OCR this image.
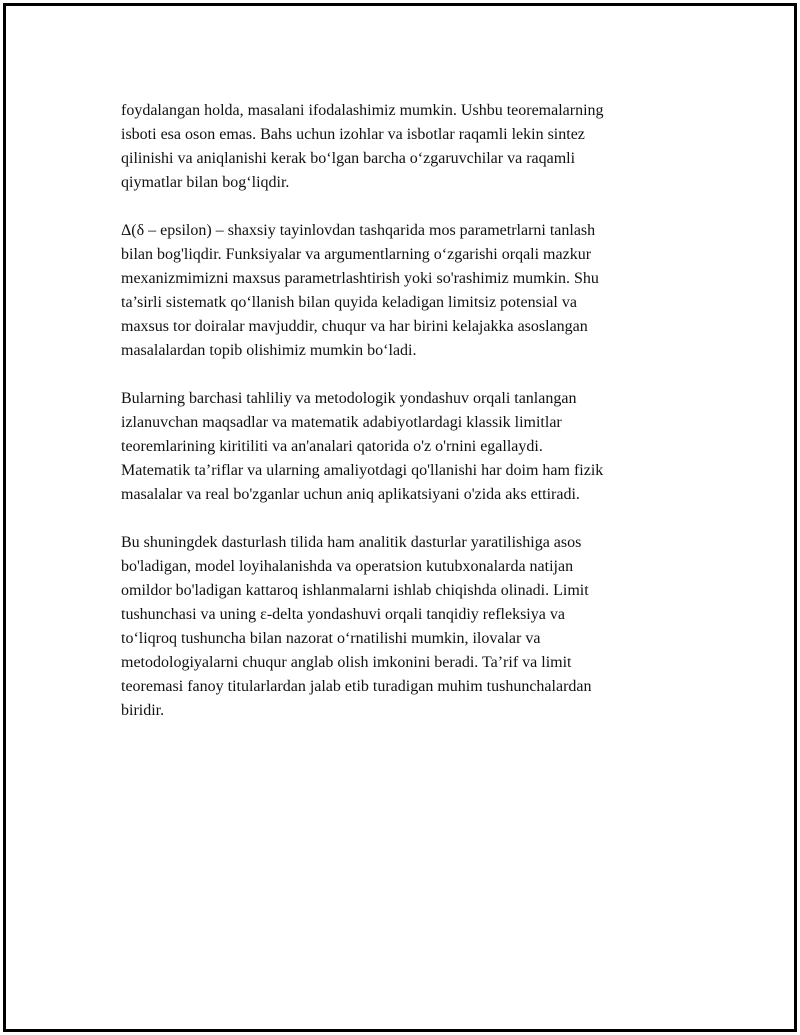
foydalangan holda, masalani ifodalashimiz mumkin. Ushbu teoremalarning
isboti esa oson emas. Bahs uchun izohlar va isbotlar raqamli lekin sintez
qilinishi va aniqlanishi kerak bo‘lgan barcha o‘zgaruvchilar va raqamli
qiymatlar bilan bog‘liqdir.

Δ(δ – epsilon) – shaxsiy tayinlovdan tashqarida mos parametrlarni tanlash
bilan bog'liqdir. Funksiyalar va argumentlarning o‘zgarishi orqali mazkur
mexanizmimizni maxsus parametrlashtirish yoki so'rashimiz mumkin. Shu
ta’sirli sistematk qo‘llanish bilan quyida keladigan limitsiz potensial va
maxsus tor doiralar mavjuddir, chuqur va har birini kelajakka asoslangan
masalalardan topib olishimiz mumkin bo‘ladi.

Bularning barchasi tahliliy va metodologik yondashuv orqali tanlangan
izlanuvchan maqsadlar va matematik adabiyotlardagi klassik limitlar
teoremlarining kiritiliti va an'analari qatorida o'z o'rnini egallaydi.
Matematik ta’riflar va ularning amaliyotdagi qo'llanishi har doim ham fizik
masalalar va real bo'zganlar uchun aniq aplikatsiyani o'zida aks ettiradi.

Bu shuningdek dasturlash tilida ham analitik dasturlar yaratilishiga asos
bo'ladigan, model loyihalanishda va operatsion kutubxonalarda natijan
omildor bo'ladigan kattaroq ishlanmalarni ishlab chiqishda olinadi. Limit
tushunchasi va uning ε-delta yondashuvi orqali tanqidiy refleksiya va
to‘liqroq tushuncha bilan nazorat o‘rnatilishi mumkin, ilovalar va
metodologiyalarni chuqur anglab olish imkonini beradi. Ta’rif va limit
teoremasi fanoy titularlardan jalab etib turadigan muhim tushunchalardan
biridir.
